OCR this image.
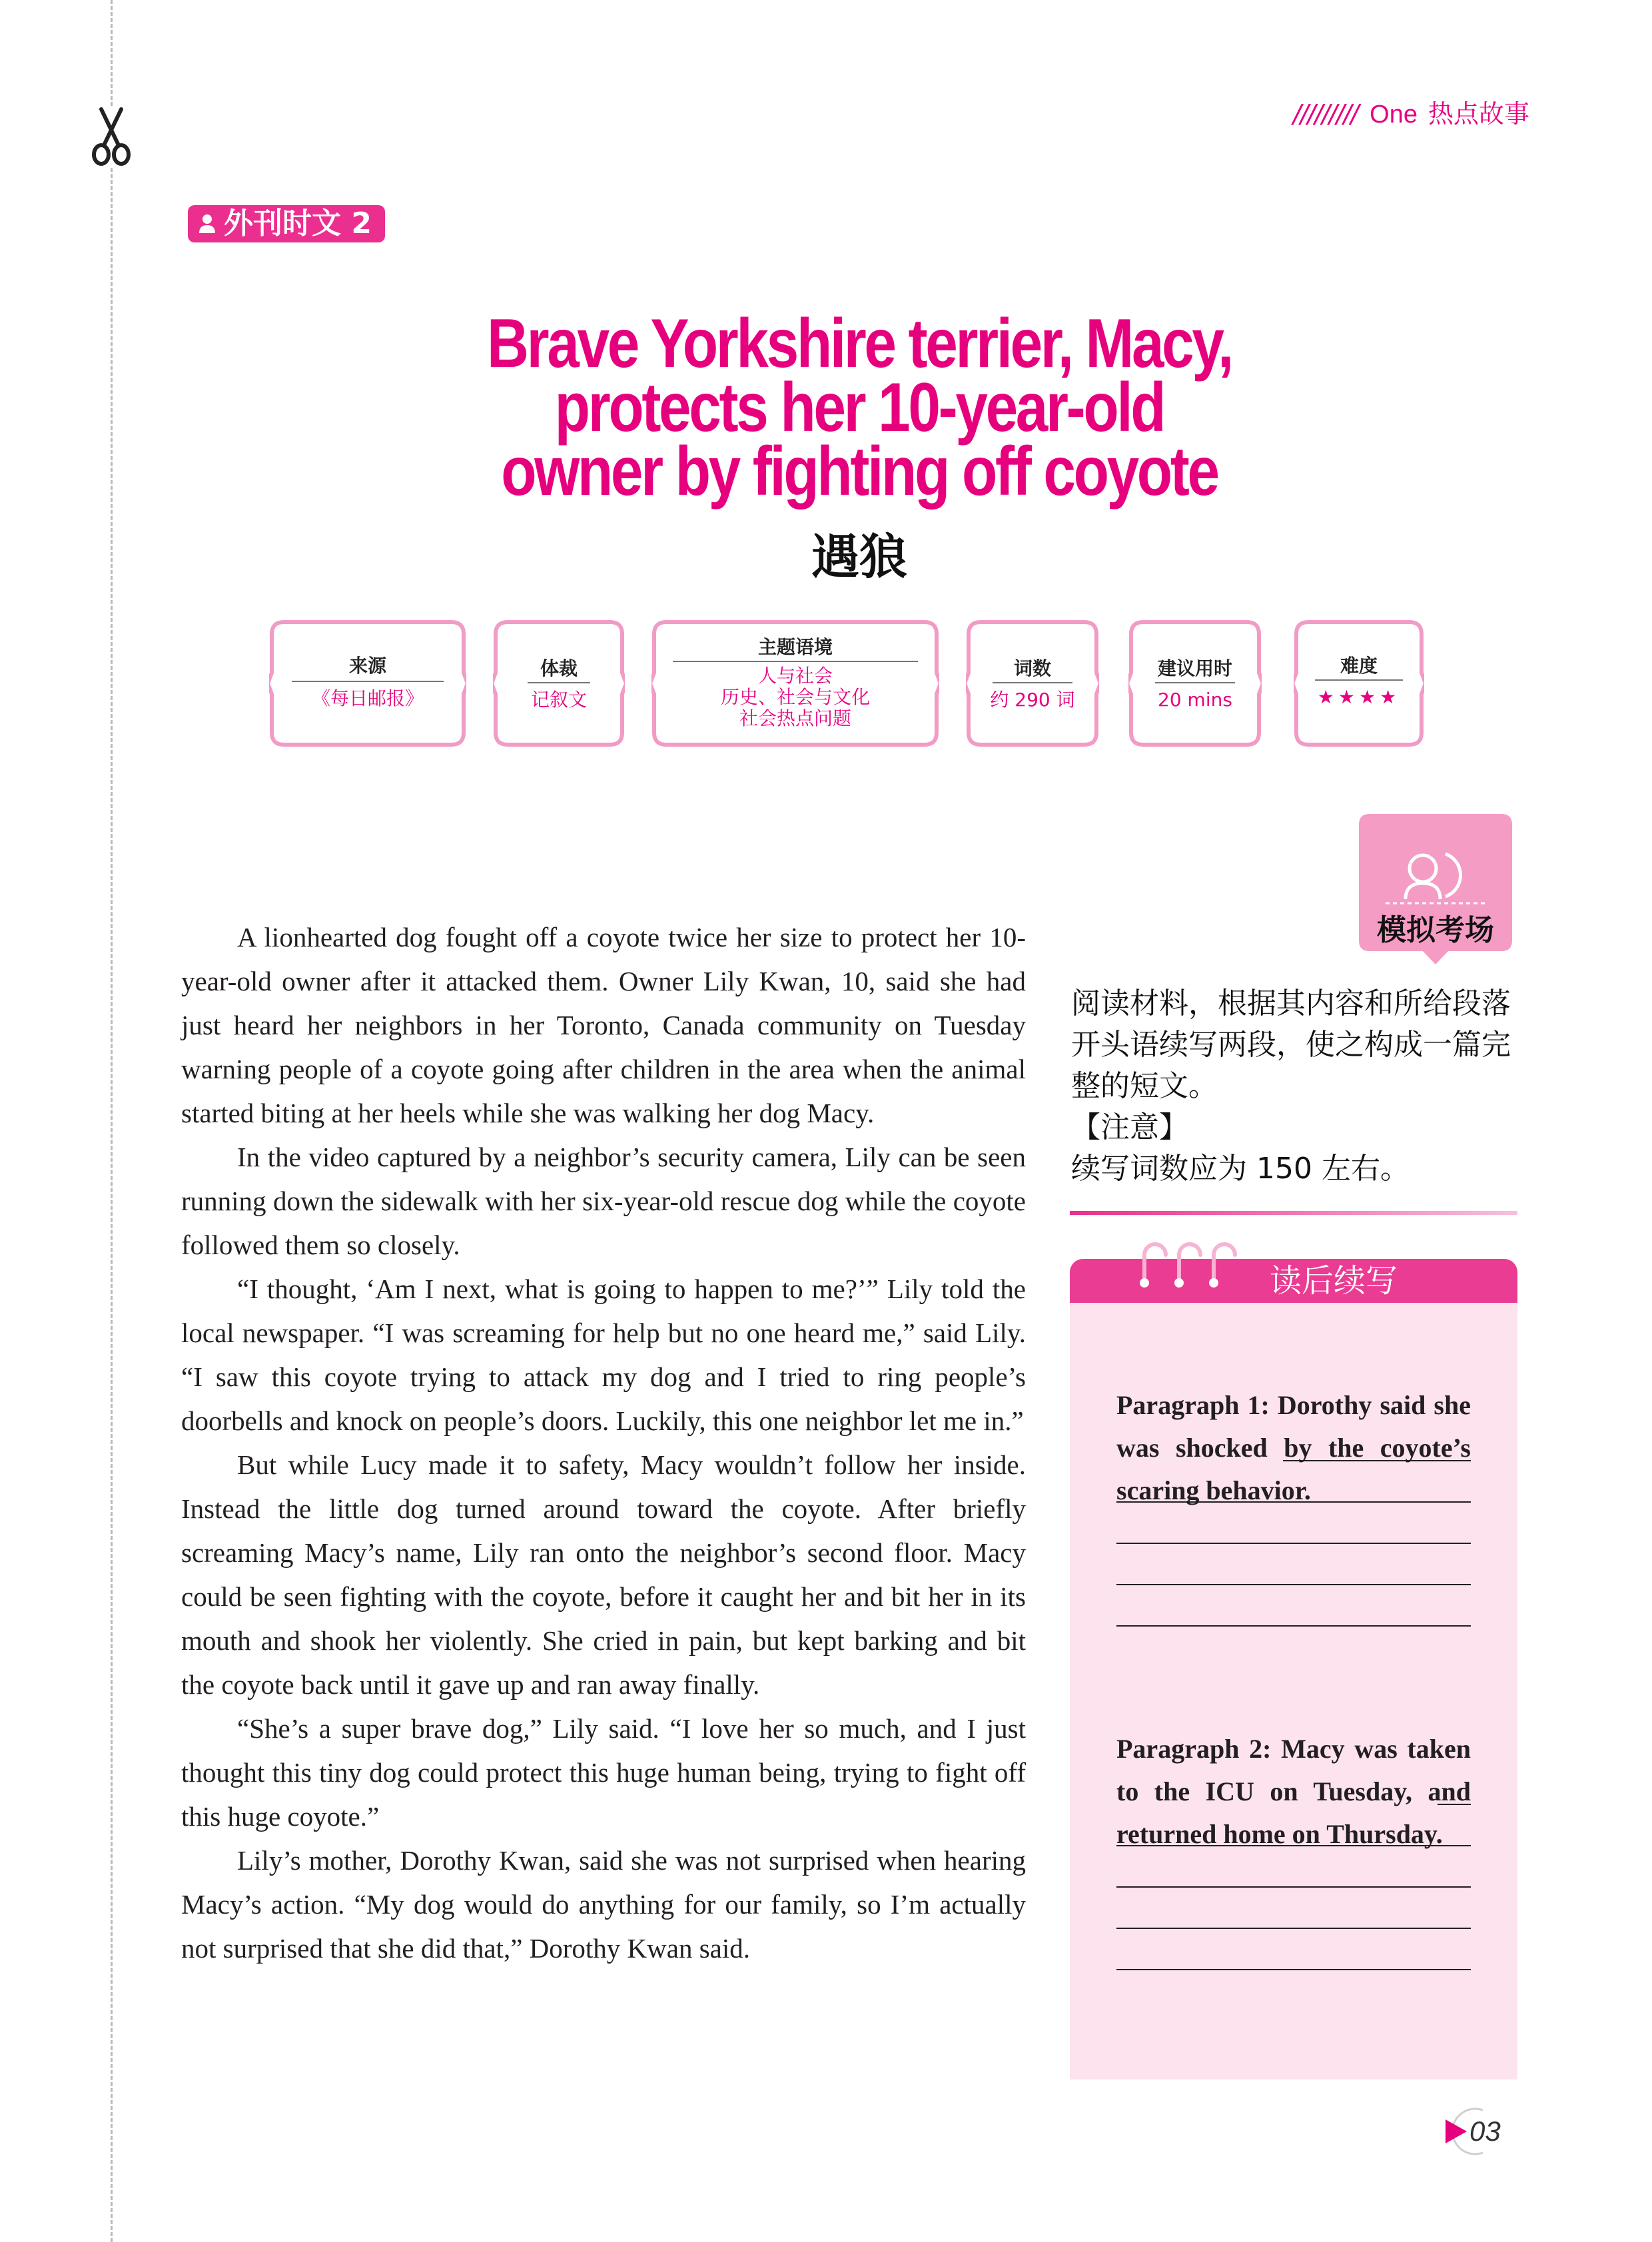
///////// One 热点故事
外刊时文 2
Brave Yorkshire terrier, Macy,
protects her 10-year-old
owner by fighting off coyote
遇狼
来源
《每日邮报》
体裁
记叙文
主题语境
人与社会
历史、社会与文化
社会热点问题
词数
约 290 词
建议用时
20 mins
难度
★★★★

A lionhearted dog fought off a coyote twice her size to protect her 10-year-old owner after it attacked them. Owner Lily Kwan, 10, said she had just heard her neighbors in her Toronto, Canada community on Tuesday warning people of a coyote going after children in the area when the animal started biting at her heels while she was walking her dog Macy.

In the video captured by a neighbor’s security camera, Lily can be seen running down the sidewalk with her six-year-old rescue dog while the coyote followed them so closely.

“I thought, ‘Am I next, what is going to happen to me?’” Lily told the local newspaper. “I was screaming for help but no one heard me,” said Lily. “I saw this coyote trying to attack my dog and I tried to ring people’s doorbells and knock on people’s doors. Luckily, this one neighbor let me in.”

But while Lucy made it to safety, Macy wouldn’t follow her inside. Instead the little dog turned around toward the coyote. After briefly screaming Macy’s name, Lily ran onto the neighbor’s second floor. Macy could be seen fighting with the coyote, before it caught her and bit her in its mouth and shook her violently. She cried in pain, but kept barking and bit the coyote back until it gave up and ran away finally.

“She’s a super brave dog,” Lily said. “I love her so much, and I just thought this tiny dog could protect this huge human being, trying to fight off this huge coyote.”

Lily’s mother, Dorothy Kwan, said she was not surprised when hearing Macy’s action. “My dog would do anything for our family, so I’m actually not surprised that she did that,” Dorothy Kwan said.

模拟考场
阅读材料，根据其内容和所给段落开头语续写两段，使之构成一篇完整的短文。
【注意】
续写词数应为 150 左右。
读后续写
Paragraph 1: Dorothy said she was shocked by the coyote’s scaring behavior.
Paragraph 2: Macy was taken to the ICU on Tuesday, and returned home on Thursday.
03
